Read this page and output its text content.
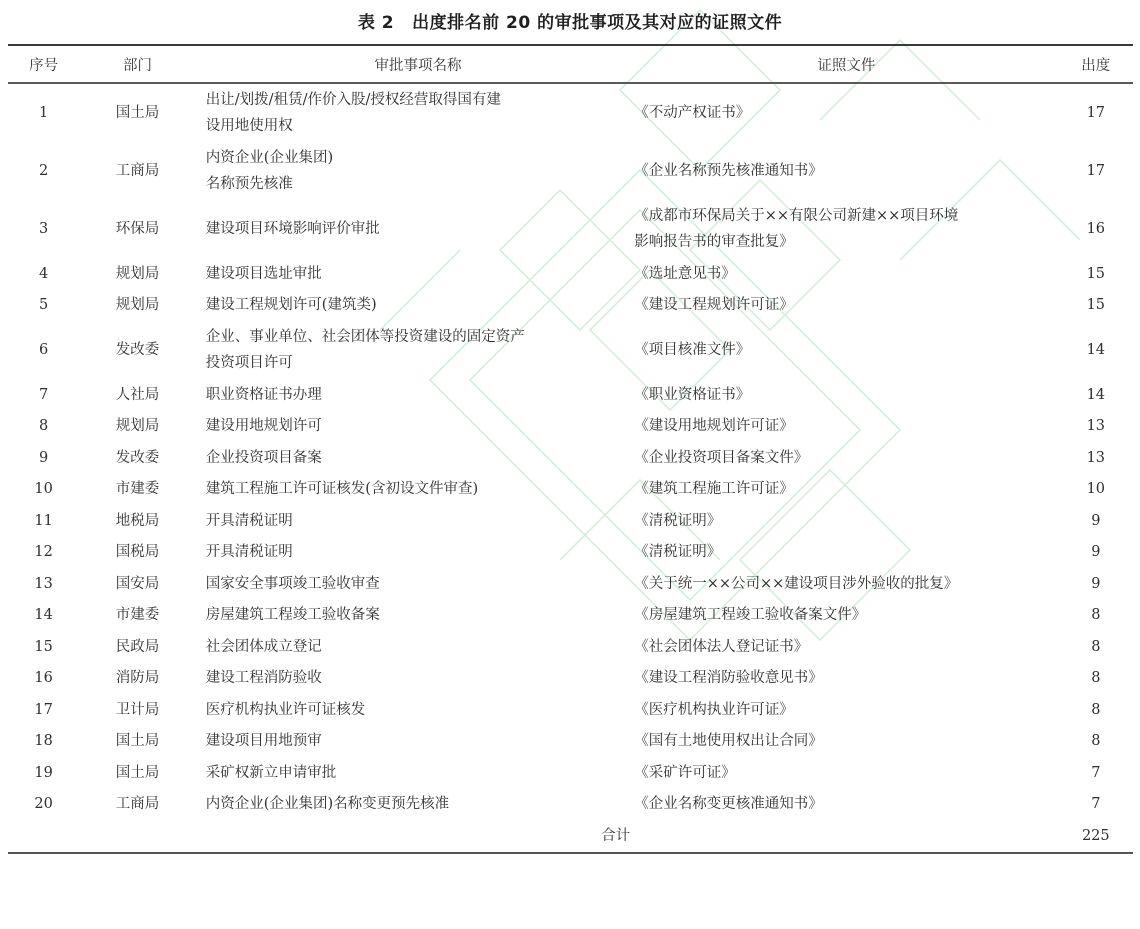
表 2 出度排名前 20 的审批事项及其对应的证照文件
序号	部门	审批事项名称	证照文件	出度
1	国土局	出让/划拨/租赁/作价入股/授权经营取得国有建
设用地使用权	《不动产权证书》	17
2	工商局	内资企业(企业集团)
名称预先核准	《企业名称预先核准通知书》	17
3	环保局	建设项目环境影响评价审批	《成都市环保局关于××有限公司新建××项目环境
影响报告书的审查批复》	16
4	规划局	建设项目选址审批	《选址意见书》	15
5	规划局	建设工程规划许可(建筑类)	《建设工程规划许可证》	15
6	发改委	企业、事业单位、社会团体等投资建设的固定资产
投资项目许可	《项目核准文件》	14
7	人社局	职业资格证书办理	《职业资格证书》	14
8	规划局	建设用地规划许可	《建设用地规划许可证》	13
9	发改委	企业投资项目备案	《企业投资项目备案文件》	13
10	市建委	建筑工程施工许可证核发(含初设文件审查)	《建筑工程施工许可证》	10
11	地税局	开具清税证明	《清税证明》	9
12	国税局	开具清税证明	《清税证明》	9
13	国安局	国家安全事项竣工验收审查	《关于统一××公司××建设项目涉外验收的批复》	9
14	市建委	房屋建筑工程竣工验收备案	《房屋建筑工程竣工验收备案文件》	8
15	民政局	社会团体成立登记	《社会团体法人登记证书》	8
16	消防局	建设工程消防验收	《建设工程消防验收意见书》	8
17	卫计局	医疗机构执业许可证核发	《医疗机构执业许可证》	8
18	国土局	建设项目用地预审	《国有土地使用权出让合同》	8
19	国土局	采矿权新立申请审批	《采矿许可证》	7
20	工商局	内资企业(企业集团)名称变更预先核准	《企业名称变更核准通知书》	7
		合计		225
